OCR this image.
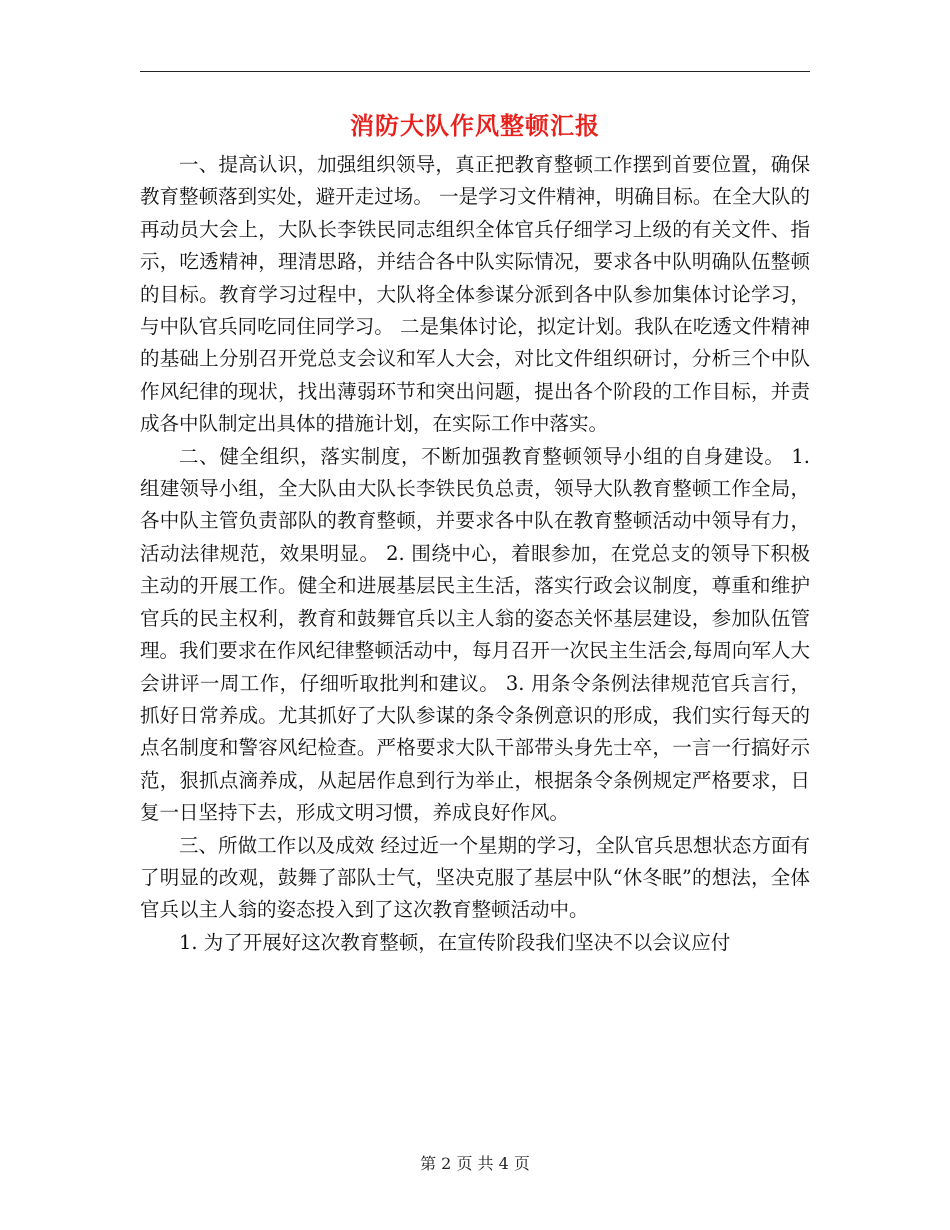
消防大队作风整顿汇报

一、提高认识，加强组织领导，真正把教育整顿工作摆到首要位置，确保教育整顿落到实处，避开走过场。 一是学习文件精神，明确目标。在全大队的再动员大会上，大队长李铁民同志组织全体官兵仔细学习上级的有关文件、指示，吃透精神，理清思路，并结合各中队实际情况，要求各中队明确队伍整顿的目标。教育学习过程中，大队将全体参谋分派到各中队参加集体讨论学习，与中队官兵同吃同住同学习。 二是集体讨论，拟定计划。我队在吃透文件精神的基础上分别召开党总支会议和军人大会，对比文件组织研讨，分析三个中队作风纪律的现状，找出薄弱环节和突出问题，提出各个阶段的工作目标，并责成各中队制定出具体的措施计划，在实际工作中落实。

二、健全组织，落实制度，不断加强教育整顿领导小组的自身建设。 1. 组建领导小组，全大队由大队长李铁民负总责，领导大队教育整顿工作全局，各中队主管负责部队的教育整顿，并要求各中队在教育整顿活动中领导有力，活动法律规范，效果明显。 2. 围绕中心，着眼参加，在党总支的领导下积极主动的开展工作。健全和进展基层民主生活，落实行政会议制度，尊重和维护官兵的民主权利，教育和鼓舞官兵以主人翁的姿态关怀基层建设，参加队伍管理。我们要求在作风纪律整顿活动中，每月召开一次民主生活会,每周向军人大会讲评一周工作，仔细听取批判和建议。 3. 用条令条例法律规范官兵言行，抓好日常养成。尤其抓好了大队参谋的条令条例意识的形成，我们实行每天的点名制度和警容风纪检查。严格要求大队干部带头身先士卒，一言一行搞好示范，狠抓点滴养成，从起居作息到行为举止，根据条令条例规定严格要求，日复一日坚持下去，形成文明习惯，养成良好作风。

三、所做工作以及成效 经过近一个星期的学习，全队官兵思想状态方面有了明显的改观，鼓舞了部队士气，坚决克服了基层中队“休冬眠”的想法，全体官兵以主人翁的姿态投入到了这次教育整顿活动中。

1. 为了开展好这次教育整顿，在宣传阶段我们坚决不以会议应付

第 2 页 共 4 页
